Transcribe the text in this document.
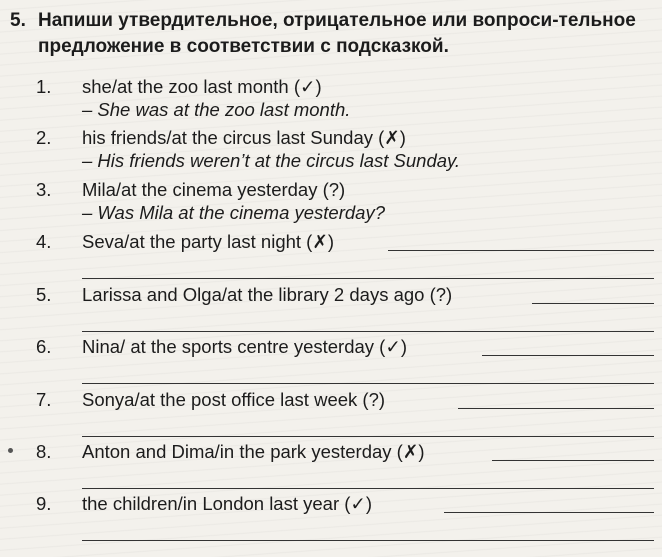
5. Напиши утвердительное, отрицательное или вопроси-тельное предложение в соответствии с подсказкой.
1. she/at the zoo last month (✓)
– She was at the zoo last month.
2. his friends/at the circus last Sunday (✗)
– His friends weren’t at the circus last Sunday.
3. Mila/at the cinema yesterday (?)
– Was Mila at the cinema yesterday?
4. Seva/at the party last night (✗)
5. Larissa and Olga/at the library 2 days ago (?)
6. Nina/ at the sports centre yesterday (✓)
7. Sonya/at the post office last week (?)
8. Anton and Dima/in the park yesterday (✗)
9. the children/in London last year (✓)
